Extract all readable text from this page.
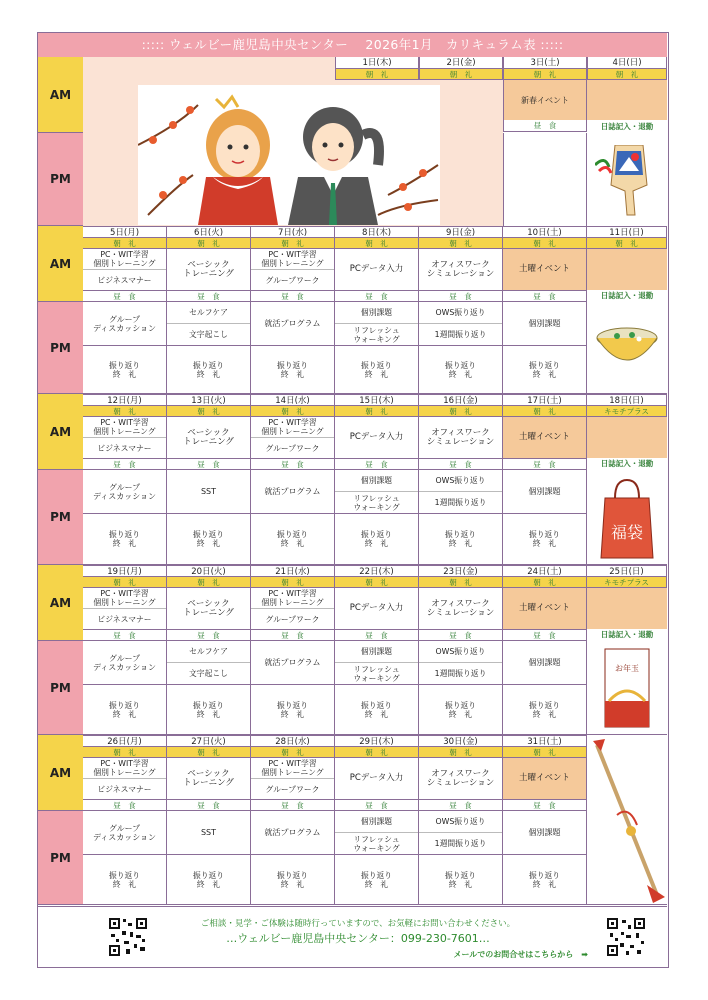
::::: ウェルビー鹿児島中央センター　 2026年1月　カリキュラム表 :::::
AM
PM
1日(木)
朝　礼
2日(金)
朝　礼
3日(土)
朝　礼
4日(日)
朝　礼
新春イベント
昼　食	日誌記入・退勤
AM
PM
5日(月)
朝　礼
PC・WIT学習
個別トレーニング
ビジネスマナー
昼　食
グループ
ディスカッション
振り返り
終　礼
6日(火)
朝　礼
ベーシック
トレーニング
昼　食
セルフケア
文字起こし
振り返り
終　礼
7日(水)
朝　礼
PC・WIT学習
個別トレーニング
グループワーク
昼　食
就活プログラム
振り返り
終　礼
8日(木)
朝　礼
PCデータ入力
昼　食
個別課題
リフレッシュ
ウォーキング
振り返り
終　礼
9日(金)
朝　礼
オフィスワーク
シミュレーション
昼　食
OWS振り返り
1週間振り返り
振り返り
終　礼
10日(土)
朝　礼
土曜イベント
昼　食
個別課題
振り返り
終　礼
11日(日)
朝　礼
日誌記入・退勤
AM
PM
12日(月)
朝　礼
PC・WIT学習
個別トレーニング
ビジネスマナー
昼　食
グループ
ディスカッション
振り返り
終　礼
13日(火)
朝　礼
ベーシック
トレーニング
昼　食
SST
振り返り
終　礼
14日(水)
朝　礼
PC・WIT学習
個別トレーニング
グループワーク
昼　食
就活プログラム
振り返り
終　礼
15日(木)
朝　礼
PCデータ入力
昼　食
個別課題
リフレッシュ
ウォーキング
振り返り
終　礼
16日(金)
朝　礼
オフィスワーク
シミュレーション
昼　食
OWS振り返り
1週間振り返り
振り返り
終　礼
17日(土)
朝　礼
土曜イベント
昼　食
個別課題
振り返り
終　礼
18日(日)
キモチプラス
日誌記入・退勤
福袋
AM
PM
19日(月)
朝　礼
PC・WIT学習
個別トレーニング
ビジネスマナー
昼　食
グループ
ディスカッション
振り返り
終　礼
20日(火)
朝　礼
ベーシック
トレーニング
昼　食
セルフケア
文字起こし
振り返り
終　礼
21日(水)
朝　礼
PC・WIT学習
個別トレーニング
グループワーク
昼　食
就活プログラム
振り返り
終　礼
22日(木)
朝　礼
PCデータ入力
昼　食
個別課題
リフレッシュ
ウォーキング
振り返り
終　礼
23日(金)
朝　礼
オフィスワーク
シミュレーション
昼　食
OWS振り返り
1週間振り返り
振り返り
終　礼
24日(土)
朝　礼
土曜イベント
昼　食
個別課題
振り返り
終　礼
25日(日)
キモチプラス
日誌記入・退勤
お年玉
AM
PM
26日(月)
朝　礼
PC・WIT学習
個別トレーニング
ビジネスマナー
昼　食
グループ
ディスカッション
振り返り
終　礼
27日(火)
朝　礼
ベーシック
トレーニング
昼　食
SST
振り返り
終　礼
28日(水)
朝　礼
PC・WIT学習
個別トレーニング
グループワーク
昼　食
就活プログラム
振り返り
終　礼
29日(木)
朝　礼
PCデータ入力
昼　食
個別課題
リフレッシュ
ウォーキング
振り返り
終　礼
30日(金)
朝　礼
オフィスワーク
シミュレーション
昼　食
OWS振り返り
1週間振り返り
振り返り
終　礼
31日(土)
朝　礼
土曜イベント
昼　食
個別課題
振り返り
終　礼
ご相談・見学・ご体験は随時行っていますので、お気軽にお問い合わせください。
…ウェルビー鹿児島中央センター：099-230-7601…
メールでのお問合せはこちらから　➡
